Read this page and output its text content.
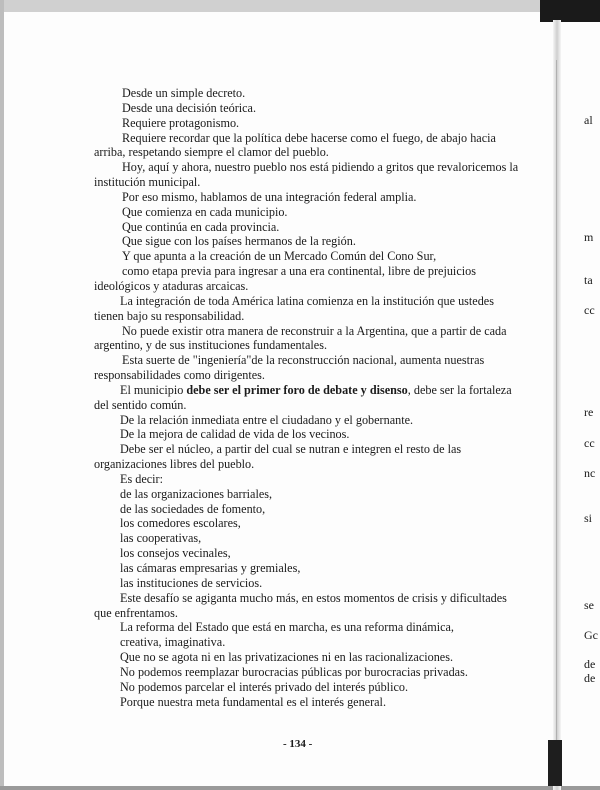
Desde un simple decreto.
Desde una decisión teórica.
Requiere protagonismo.
Requiere recordar que la política debe hacerse como el fuego, de abajo hacia
arriba, respetando siempre el clamor del pueblo.
Hoy, aquí y ahora, nuestro pueblo nos está pidiendo a gritos que revaloricemos la
institución municipal.
Por eso mismo, hablamos de una integración federal amplia.
Que comienza en cada municipio.
Que continúa en cada provincia.
Que sigue con los países hermanos de la región.
Y que apunta a la creación de un Mercado Común del Cono Sur,
como etapa previa para ingresar a una era continental, libre de prejuicios
ideológicos y ataduras arcaicas.
La integración de toda América latina comienza en la institución que ustedes
tienen bajo su responsabilidad.
No puede existir otra manera de reconstruir a la Argentina, que a partir de cada
argentino, y de sus instituciones fundamentales.
Esta suerte de "ingeniería"de la reconstrucción nacional, aumenta nuestras
responsabilidades como dirigentes.
El municipio debe ser el primer foro de debate y disenso, debe ser la fortaleza
del sentido común.
De la relación inmediata entre el ciudadano y el gobernante.
De la mejora de calidad de vida de los vecinos.
Debe ser el núcleo, a partir del cual se nutran e integren el resto de las
organizaciones libres del pueblo.
Es decir:
de las organizaciones barriales,
de las sociedades de fomento,
los comedores escolares,
las cooperativas,
los consejos vecinales,
las cámaras empresarias y gremiales,
las instituciones de servicios.
Este desafío se agiganta mucho más, en estos momentos de crisis y dificultades
que enfrentamos.
La reforma del Estado que está en marcha, es una reforma dinámica,
creativa, imaginativa.
Que no se agota ni en las privatizaciones ni en las racionalizaciones.
No podemos reemplazar burocracias públicas por burocracias privadas.
No podemos parcelar el interés privado del interés público.
Porque nuestra meta fundamental es el interés general.
- 134 -
al
m
ta
cc
re
cc
nc
si
se
Gc
de
de
